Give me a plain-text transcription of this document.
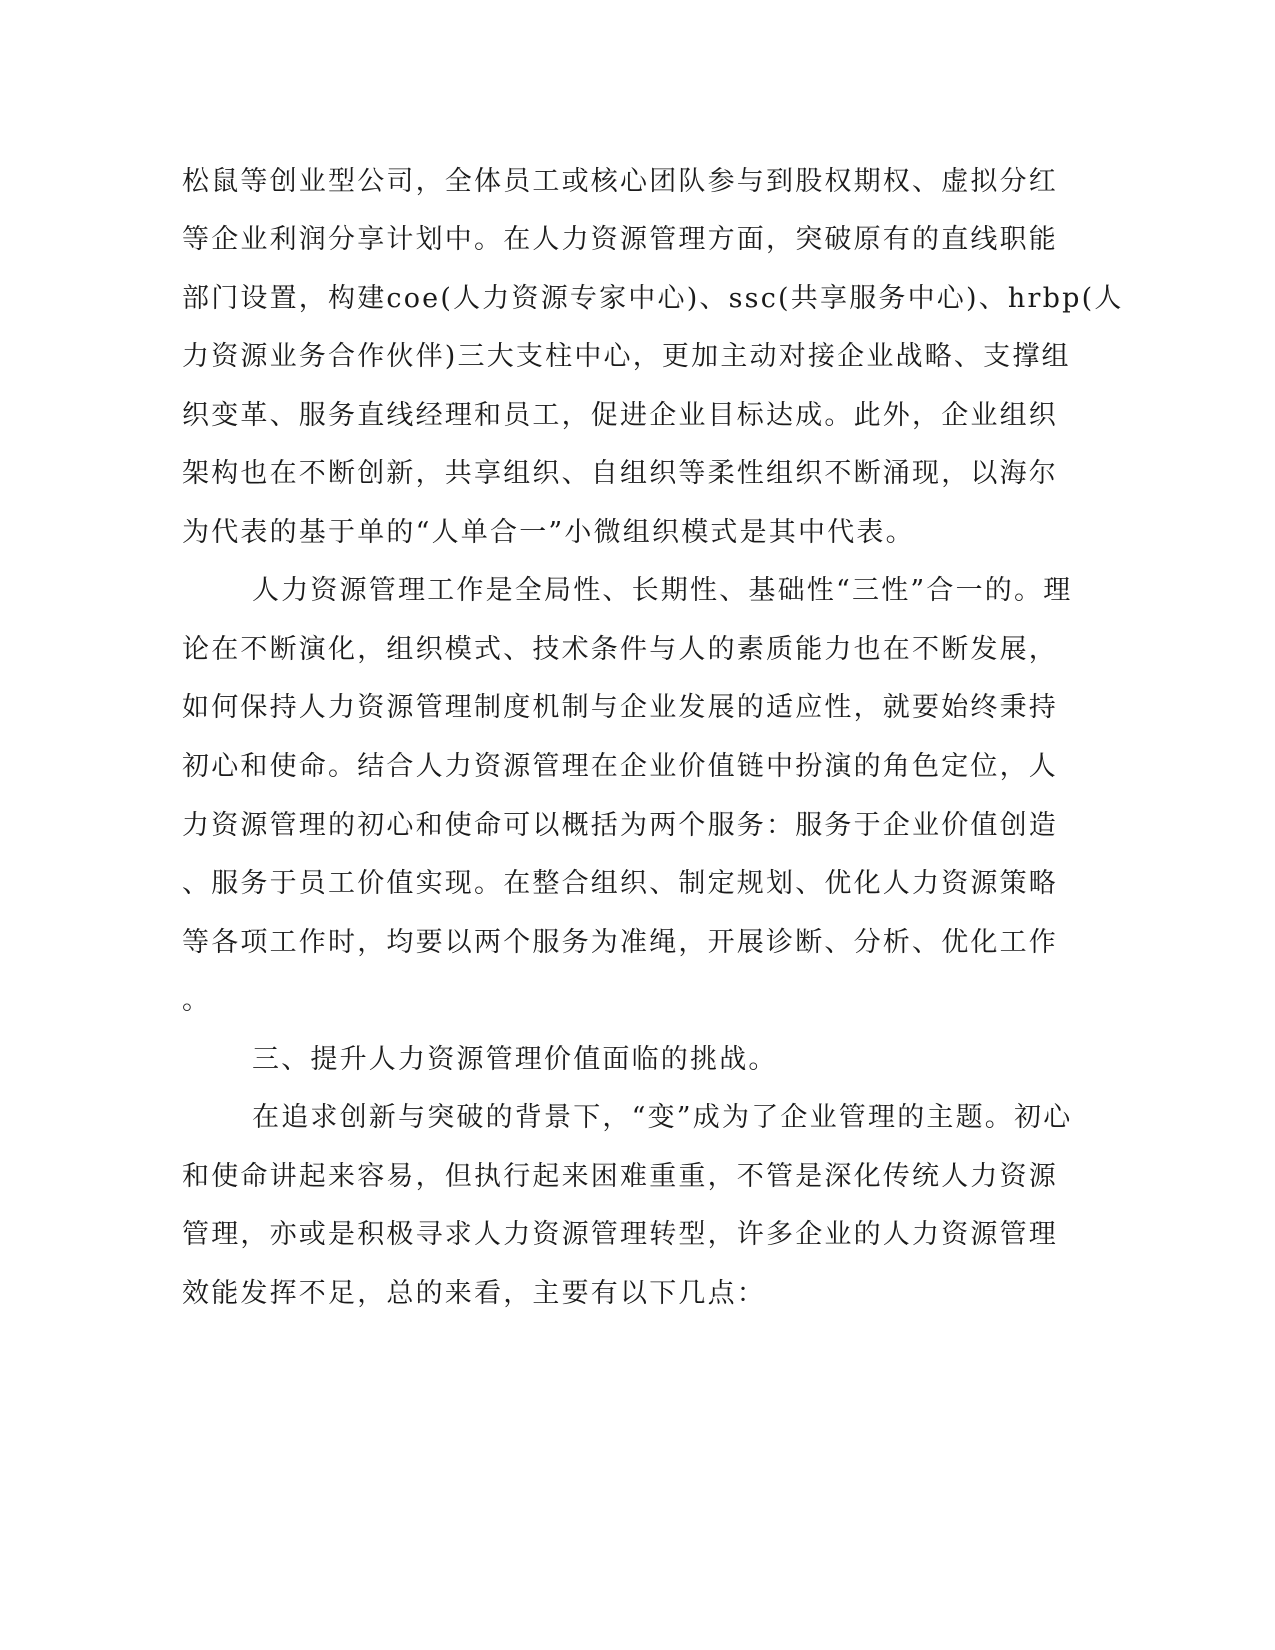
松鼠等创业型公司，全体员工或核心团队参与到股权期权、虚拟分红
等企业利润分享计划中。在人力资源管理方面，突破原有的直线职能
部门设置，构建coe(人力资源专家中心)、ssc(共享服务中心)、hrbp(人
力资源业务合作伙伴)三大支柱中心，更加主动对接企业战略、支撑组
织变革、服务直线经理和员工，促进企业目标达成。此外，企业组织
架构也在不断创新，共享组织、自组织等柔性组织不断涌现，以海尔
为代表的基于单的“人单合一”小微组织模式是其中代表。
人力资源管理工作是全局性、长期性、基础性“三性”合一的。理
论在不断演化，组织模式、技术条件与人的素质能力也在不断发展，
如何保持人力资源管理制度机制与企业发展的适应性，就要始终秉持
初心和使命。结合人力资源管理在企业价值链中扮演的角色定位，人
力资源管理的初心和使命可以概括为两个服务：服务于企业价值创造
、服务于员工价值实现。在整合组织、制定规划、优化人力资源策略
等各项工作时，均要以两个服务为准绳，开展诊断、分析、优化工作
。
三、提升人力资源管理价值面临的挑战。
在追求创新与突破的背景下，“变”成为了企业管理的主题。初心
和使命讲起来容易，但执行起来困难重重，不管是深化传统人力资源
管理，亦或是积极寻求人力资源管理转型，许多企业的人力资源管理
效能发挥不足，总的来看，主要有以下几点：
